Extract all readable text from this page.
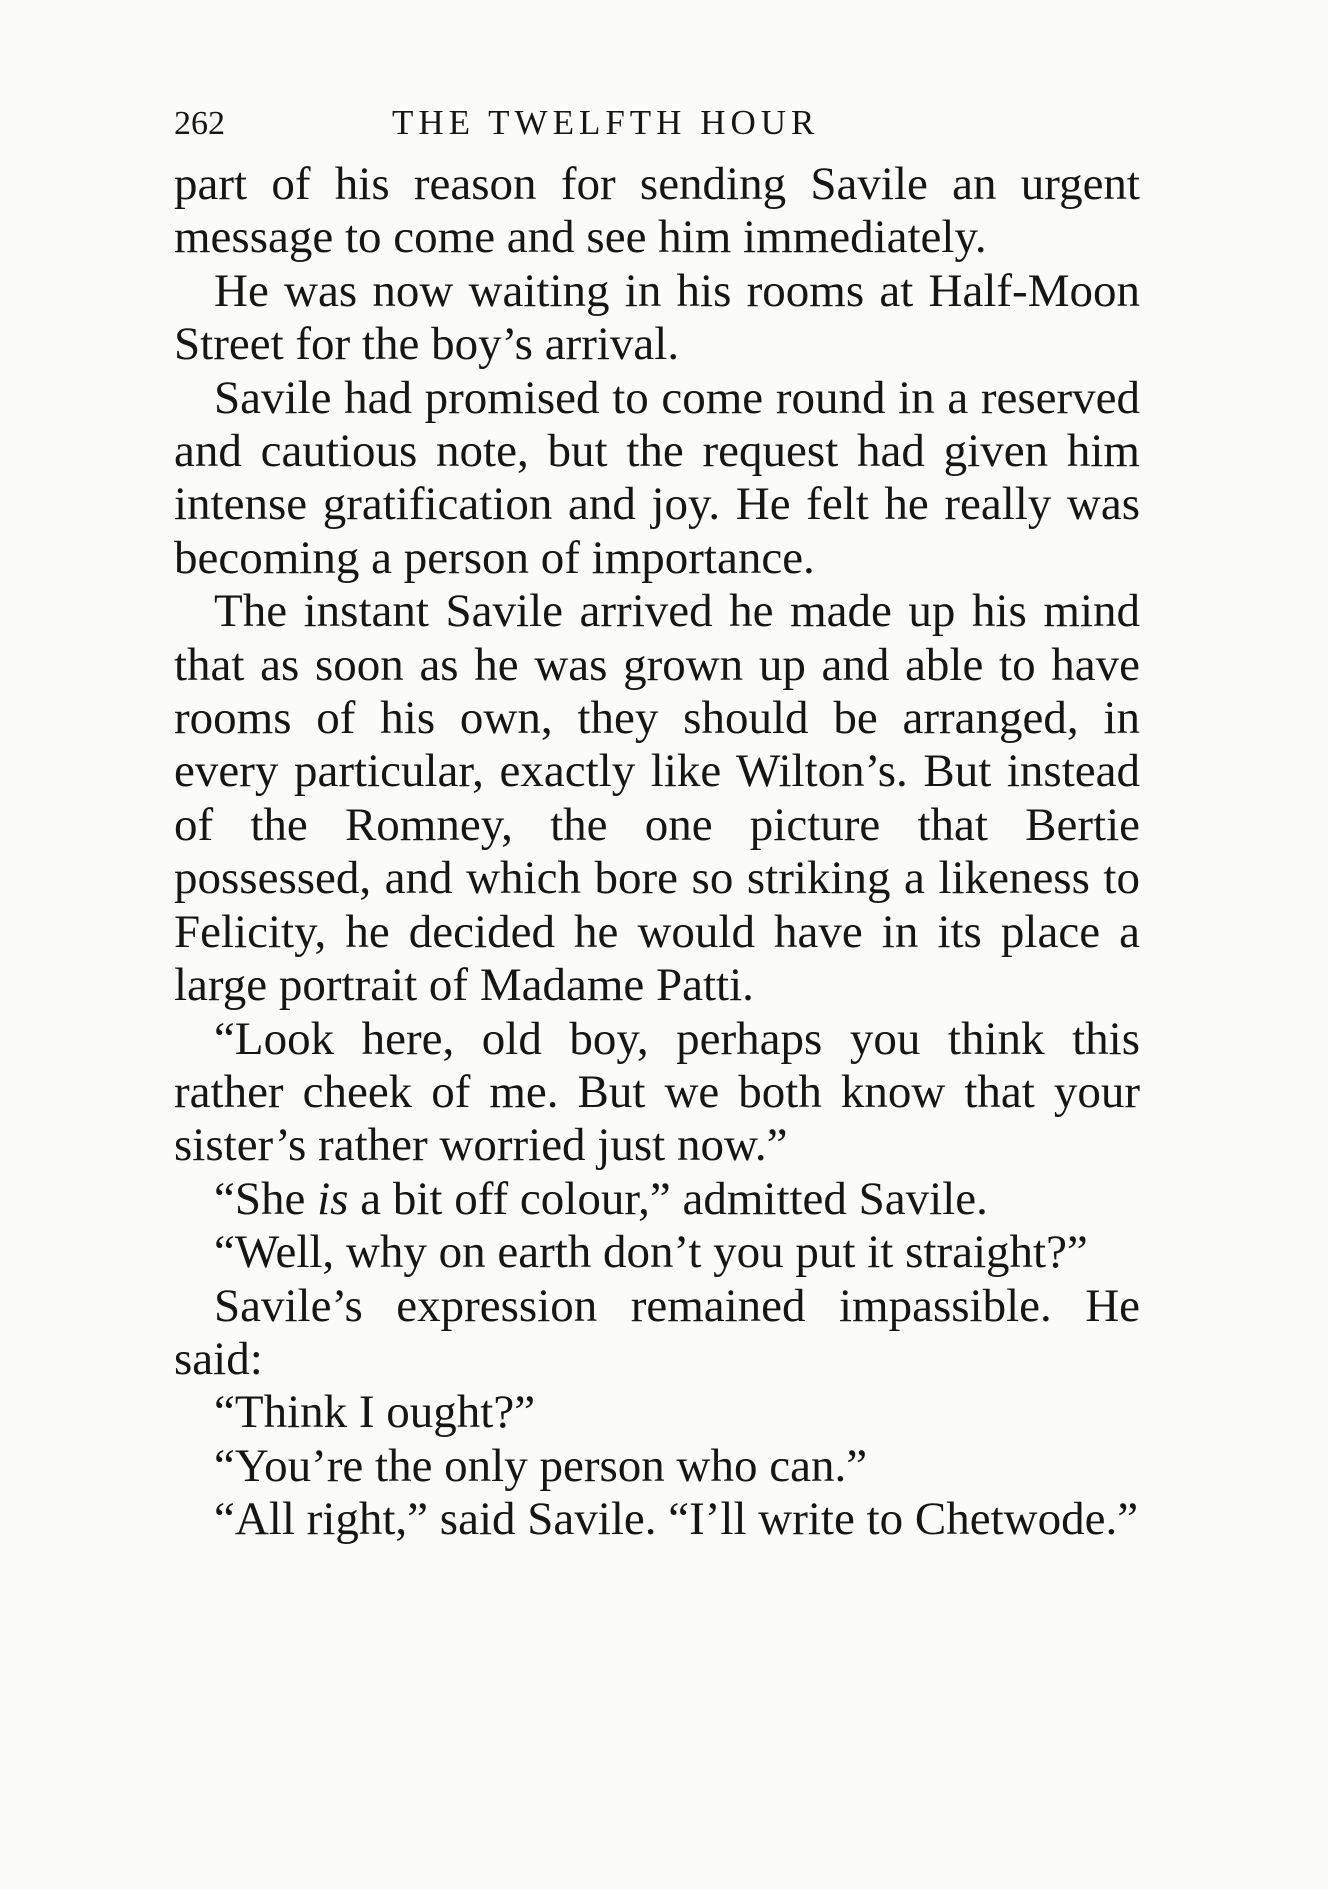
262	THE TWELFTH HOUR

part of his reason for sending Savile an urgent message to come and see him immediately.

He was now waiting in his rooms at Half-Moon Street for the boy’s arrival.

Savile had promised to come round in a reserved and cautious note, but the request had given him intense gratification and joy. He felt he really was becoming a person of importance.

The instant Savile arrived he made up his mind that as soon as he was grown up and able to have rooms of his own, they should be arranged, in every particular, exactly like Wilton’s. But instead of the Romney, the one picture that Bertie possessed, and which bore so striking a likeness to Felicity, he decided he would have in its place a large portrait of Madame Patti.

“Look here, old boy, perhaps you think this rather cheek of me. But we both know that your sister’s rather worried just now.”

“She is a bit off colour,” admitted Savile.

“Well, why on earth don’t you put it straight?”

Savile’s expression remained impassible. He said:

“Think I ought?”

“You’re the only person who can.”

“All right,” said Savile. “I’ll write to Chetwode.”
